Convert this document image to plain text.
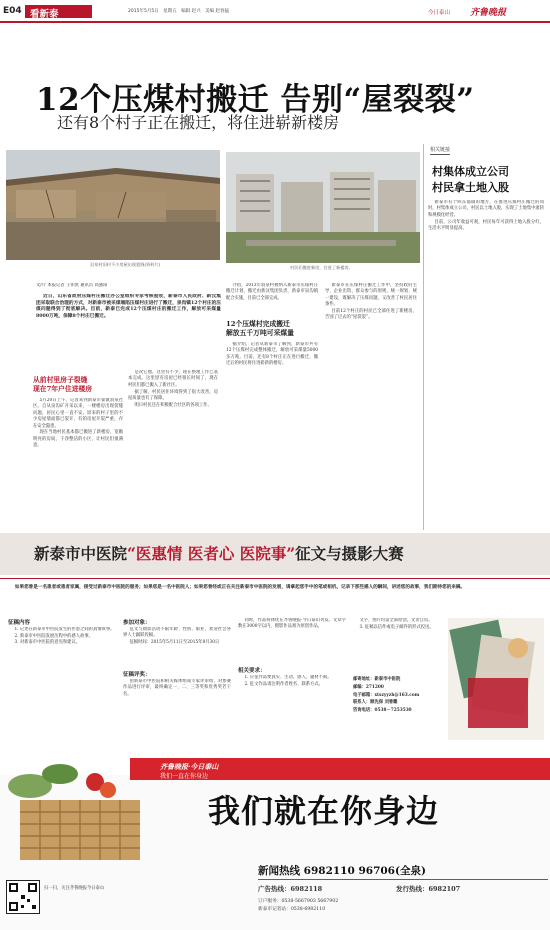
E04 看新泰	2015年5月5日　星期五　编辑 赵兴　美编 赵春猛	今日泰山 齐鲁晚报
12个压煤村搬迁 告别“屋裂裂”
还有8个村子正在搬迁，将住进崭新楼房
羽泉村旧村不少房屋出现裂缝(资料片)
村民们搬进新房，住进了新楼房。
相关链接
村集体成立公司
村民拿土地入股

新泰市有个叫东都镇的地方，在推进压煤村庄搬迁的同时，村集体成立公司，村民以土地入股，实现了土地集中流转和规模化经营。

目前，公司年收益可观，村民每年可获得土地入股分红，生活水平明显提高。

文/片 本报记者 王伟凯 通讯员 高强阳

近日，山东省政府压煤村庄搬迁办公室组织专家考核验收，新泰市人民政府、新汶集团采取联合治理的方式，对新泰市被采煤塌陷压煤村庄进行了搬迁，泉沟镇12个村庄的压煤问题得到了彻底解决。目前，新泰已完成12个压煤村庄的搬迁工作，解放可采煤量8000万吨，保障8个村庄已搬迁。

从前村里房子裂缝
现在7年户住进楼房

5月20日上午，记者来到新泰市翟镇羽泉社区。自从泉沟矿开采以来，一楼楼房出现裂缝问题，居民心里一直不安。原来的村子里的不少房屋墙面都已裂开，有的房屋开裂严重，存在安全隐患。

现在当地村民基本都已搬进了新楼房，宽敞明亮的房间，干净整洁的小区，让村民们很满意。

是况它他，这里有不少，现在整理工作已基本完成。这里原有房屋已经很长时间了，现在村民们都已搬入了新社区。

据了解，村民居住环境得到了很大改善，房屋质量也有了保障。

明日村民还在积极配合社区的各项工作。

介绍，2013年羽泉村被纳入新泰市压煤村庄搬迁计划，搬迁由新汶集团负责，新泰市泉沟镇配合实施，目前已全部完成。

12个压煤村完成搬迁
解放五千万吨可采煤量

据介绍，记者从新泰市了解到，新泰市共有12个压煤村完成整体搬迁，解放可采煤量5000多万吨。目前，还有8个村庄正在进行搬迁，搬迁后的村民将住进崭新的楼房。

新泰市在压煤村庄搬迁工作中，坚持政府主导、企业出资、群众参与的原则，统一规划、统一建设，既解决了压煤问题，又改善了村民居住条件。

目前12个村庄的村民已全部住进了新楼房，告别了过去的“屋裂裂”。

新泰市中医院“医惠情 医者心 医院事”征文与摄影大赛

如果您曾是一名患者或患者家属，接受过新泰市中医院的服务；如果您是一名中医院人；如果您曾经或正在关注新泰市中医院的发展，请拿起您手中的笔或相机，记录下那些感人的瞬间，讲述您的故事，我们期待您的来稿。

征稿内容

1. 记述在新泰市中医院发生的医患之间的真情故事。

2. 新泰市中医院发展历程中的感人故事。

3. 对新泰市中医院的意见和建议。

参加对象：

征文与摄影活动不限年龄、性别、职业，欢迎社会各界人士踊跃投稿。

征稿时间：2015年5月11日至2015年8月30日

征稿评奖：

由新泰市中医院和相关媒体组成专家评审组，对参赛作品进行评审，最终确定一、二、三等奖和优秀奖若干名。

同时，作品将择优在齐鲁晚报·今日泰山刊发。文章字数在3000字以内，摄影作品须为原创作品。

相关要求：

1. 应征作品要真实、生动、感人，题材不限。

2. 征文作品请注明作者姓名、联系方式。

文字、图片均需全部原创，文责自负。

3. 征稿以信件或电子邮件的形式投送。

邮寄地址：新泰市中医院

邮编：271200

电子邮箱：xtszyyzh@163.com

联系人：顾先保 刘曾雕

咨询电话：0538－7253530

齐鲁晚报·今日泰山
我们一直在你身边
我们就在你身边
新闻热线 6982110 96706(全泉)
广告热线：6982118	发行热线：6982107
订户服务：0538-5667903 5667902
新泰市记者站：0538-6982110
扫一扫，关注齐鲁晚报今日泰山
